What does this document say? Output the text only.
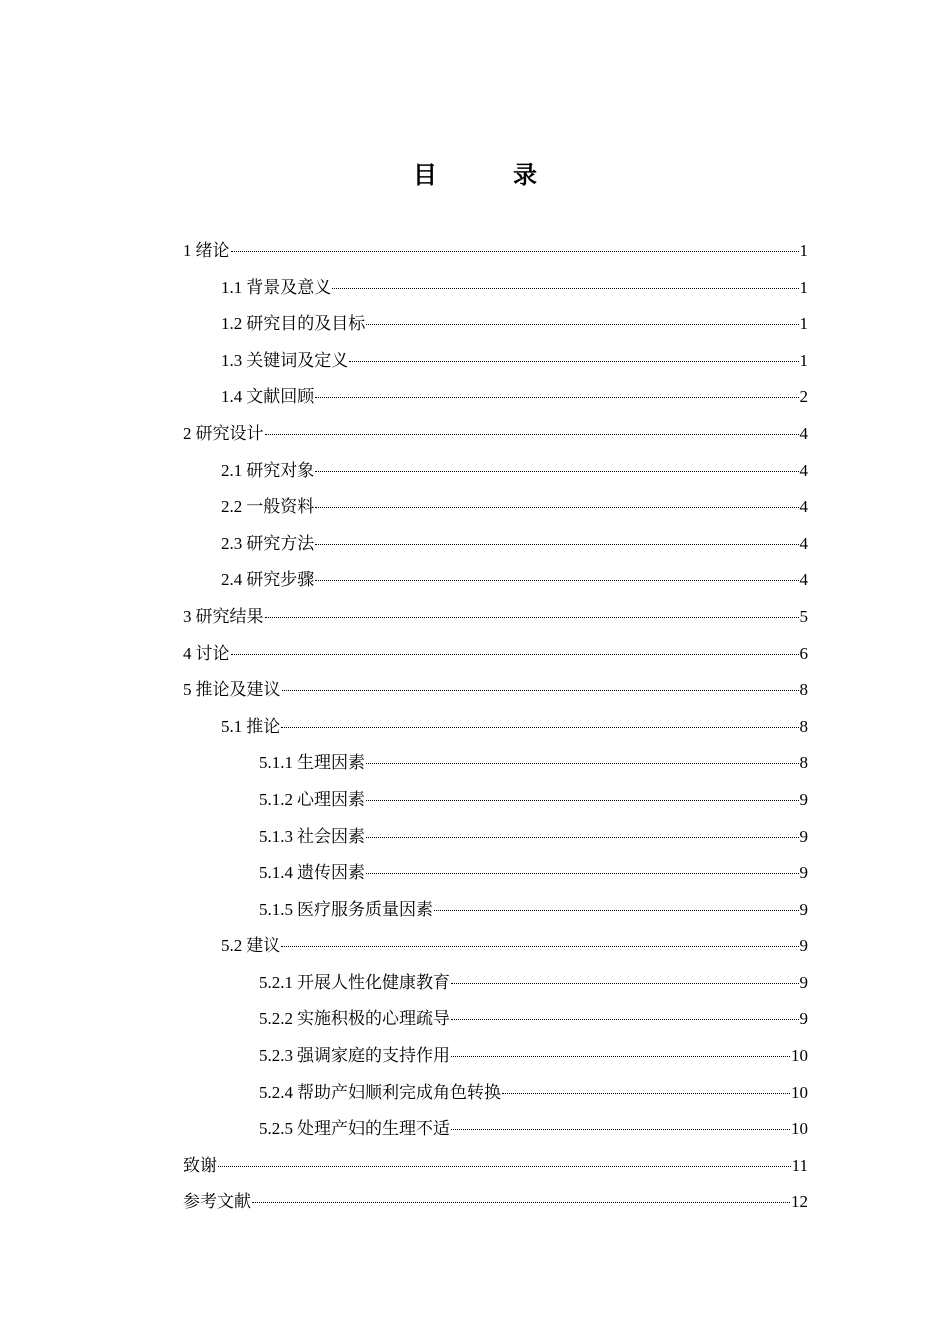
目　录
1 绪论	1
1.1 背景及意义	1
1.2 研究目的及目标	1
1.3 关键词及定义	1
1.4 文献回顾	2
2 研究设计	4
2.1 研究对象	4
2.2 一般资料	4
2.3 研究方法	4
2.4 研究步骤	4
3 研究结果	5
4 讨论	6
5 推论及建议	8
5.1 推论	8
5.1.1 生理因素	8
5.1.2 心理因素	9
5.1.3 社会因素	9
5.1.4 遗传因素	9
5.1.5 医疗服务质量因素	9
5.2 建议	9
5.2.1 开展人性化健康教育	9
5.2.2 实施积极的心理疏导	9
5.2.3 强调家庭的支持作用	10
5.2.4 帮助产妇顺利完成角色转换	10
5.2.5 处理产妇的生理不适	10
致谢	11
参考文献	12
